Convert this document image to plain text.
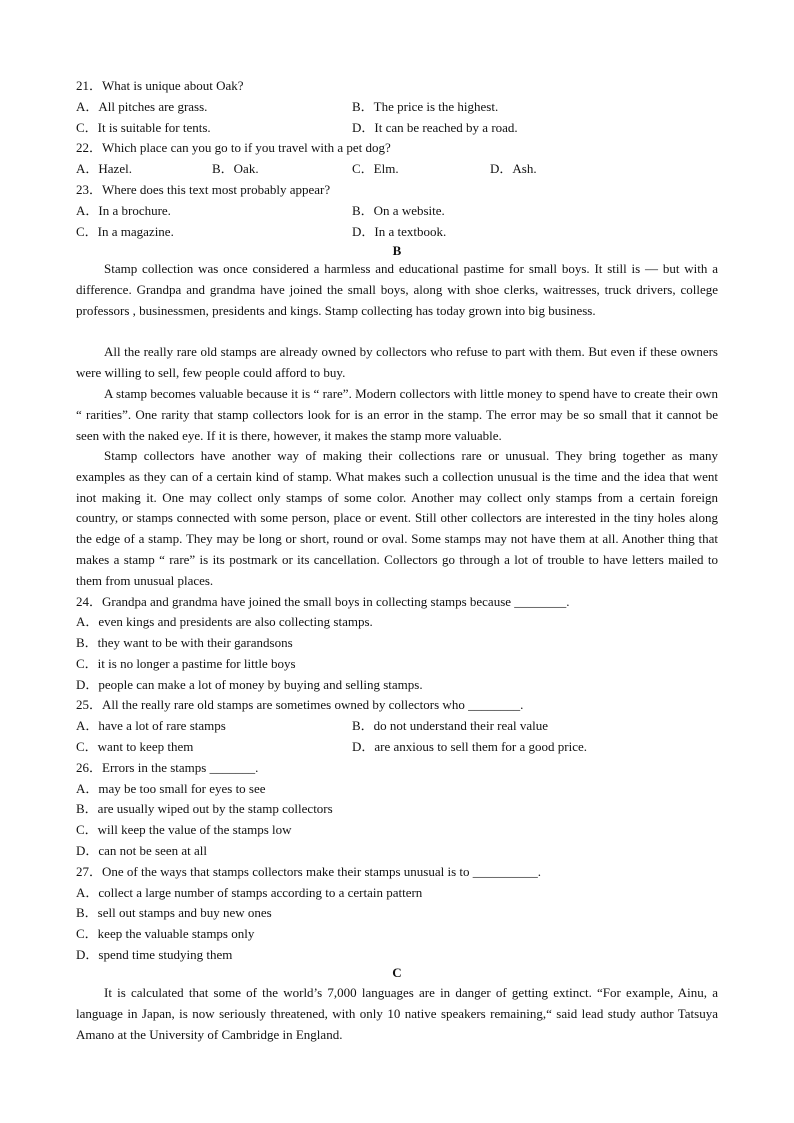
21．What is unique about Oak?
A．All pitches are grass.	B．The price is the highest.
C．It is suitable for tents.	D．It can be reached by a road.
22．Which place can you go to if you travel with a pet dog?
A．Hazel.	B．Oak.	C．Elm.	D．Ash.
23．Where does this text most probably appear?
A．In a brochure.	B．On a website.
C．In a magazine.	D．In a textbook.
B

Stamp collection was once considered a harmless and educational pastime for small boys. It still is — but with a difference. Grandpa and grandma have joined the small boys, along with shoe clerks, waitresses, truck drivers, college professors , businessmen, presidents and kings. Stamp collecting has today grown into big business.

All the really rare old stamps are already owned by collectors who refuse to part with them. But even if these owners were willing to sell, few people could afford to buy.

A stamp becomes valuable because it is “ rare”. Modern collectors with little money to spend have to create their own “ rarities”. One rarity that stamp collectors look for is an error in the stamp. The error may be so small that it cannot be seen with the naked eye. If it is there, however, it makes the stamp more valuable.

Stamp collectors have another way of making their collections rare or unusual. They bring together as many examples as they can of a certain kind of stamp. What makes such a collection unusual is the time and the idea that went inot making it. One may collect only stamps of some color. Another may collect only stamps from a certain foreign country, or stamps connected with some person, place or event. Still other collectors are interested in the tiny holes along the edge of a stamp. They may be long or short, round or oval. Some stamps may not have them at all. Another thing that makes a stamp “ rare” is its postmark or its cancellation. Collectors go through a lot of trouble to have letters mailed to them from unusual places.

24．Grandpa and grandma have joined the small boys in collecting stamps because ________.
A．even kings and presidents are also collecting stamps.
B．they want to be with their garandsons
C．it is no longer a pastime for little boys
D．people can make a lot of money by buying and selling stamps.
25．All the really rare old stamps are sometimes owned by collectors who ________.
A．have a lot of rare stamps	B．do not understand their real value
C．want to keep them	D．are anxious to sell them for a good price.
26．Errors in the stamps _______.
A．may be too small for eyes to see
B．are usually wiped out by the stamp collectors
C．will keep the value of the stamps low
D．can not be seen at all
27．One of the ways that stamps collectors make their stamps unusual is to __________.
A．collect a large number of stamps according to a certain pattern
B．sell out stamps and buy new ones
C．keep the valuable stamps only
D．spend time studying them
C

It is calculated that some of the world’s 7,000 languages are in danger of getting extinct. “For example, Ainu, a language in Japan, is now seriously threatened, with only 10 native speakers remaining,“ said lead study author Tatsuya Amano at the University of Cambridge in England.
